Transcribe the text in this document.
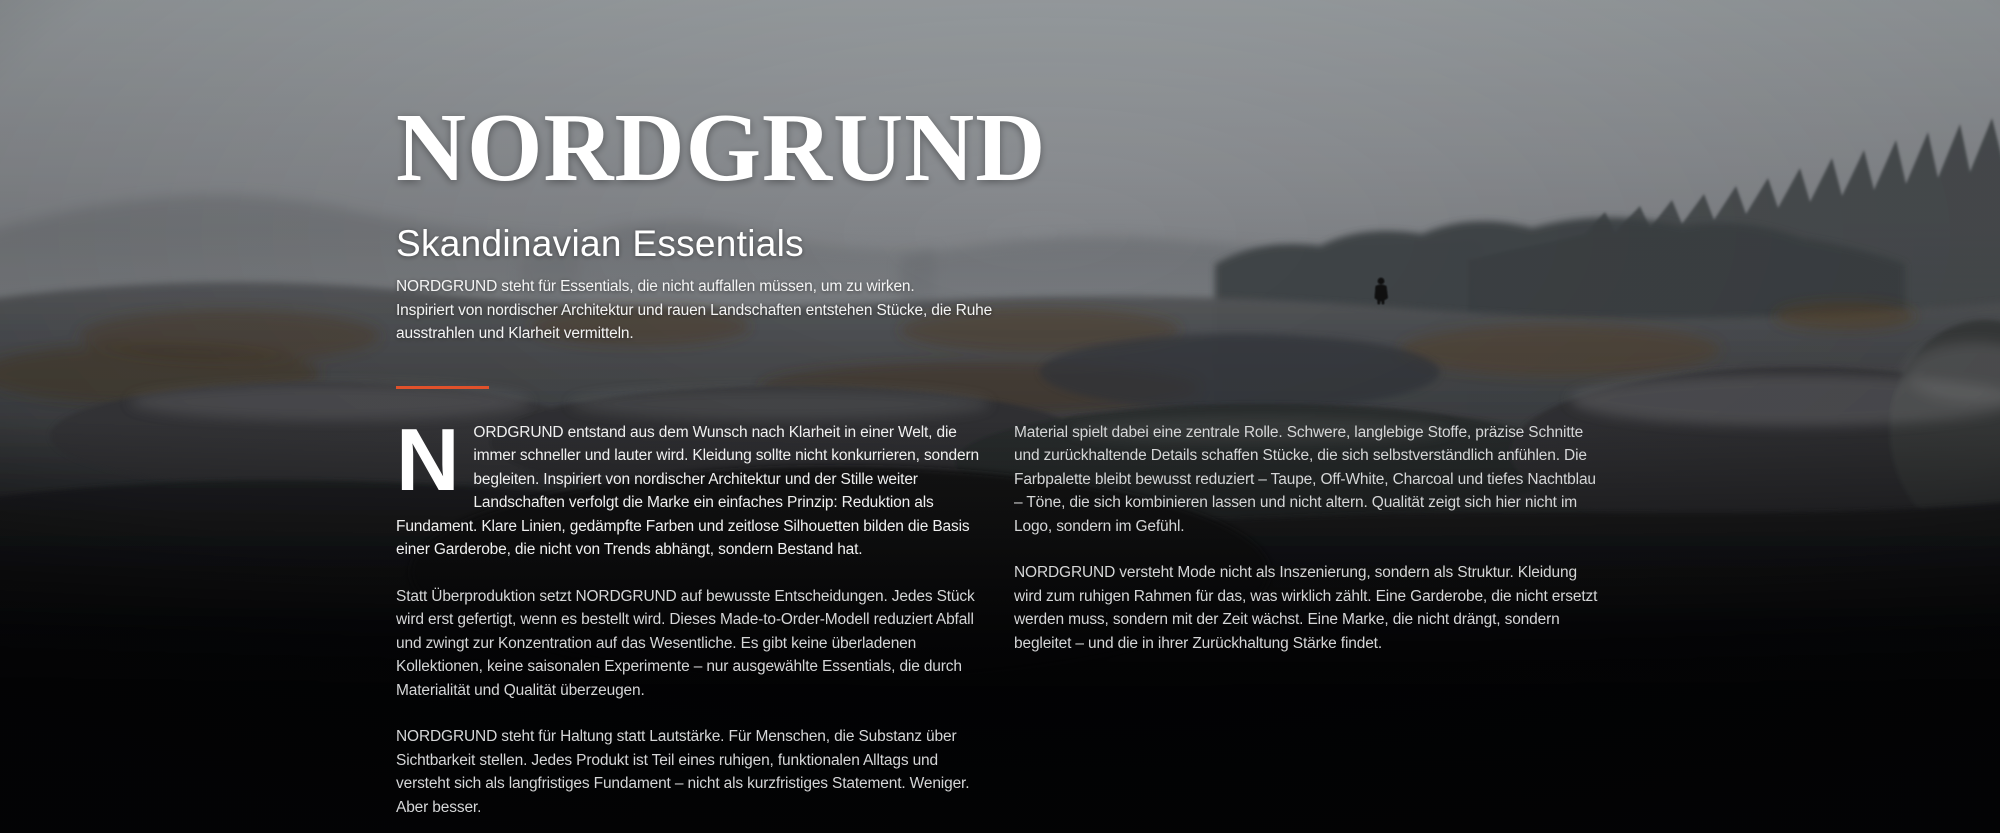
NORDGRUND
Skandinavian Essentials

NORDGRUND steht für Essentials, die nicht auffallen müssen, um zu wirken.
Inspiriert von nordischer Architektur und rauen Landschaften entstehen Stücke, die Ruhe ausstrahlen und Klarheit vermitteln.

NORDGRUND entstand aus dem Wunsch nach Klarheit in einer Welt, die immer schneller und lauter wird. Kleidung sollte nicht konkurrieren, sondern begleiten. Inspiriert von nordischer Architektur und der Stille weiter Landschaften verfolgt die Marke ein einfaches Prinzip: Reduktion als Fundament. Klare Linien, gedämpfte Farben und zeitlose Silhouetten bilden die Basis einer Garderobe, die nicht von Trends abhängt, sondern Bestand hat.

Statt Überproduktion setzt NORDGRUND auf bewusste Entscheidungen. Jedes Stück wird erst gefertigt, wenn es bestellt wird. Dieses Made-to-Order-Modell reduziert Abfall und zwingt zur Konzentration auf das Wesentliche. Es gibt keine überladenen Kollektionen, keine saisonalen Experimente – nur ausgewählte Essentials, die durch Materialität und Qualität überzeugen.

NORDGRUND steht für Haltung statt Lautstärke. Für Menschen, die Substanz über Sichtbarkeit stellen. Jedes Produkt ist Teil eines ruhigen, funktionalen Alltags und versteht sich als langfristiges Fundament – nicht als kurzfristiges Statement. Weniger. Aber besser.

Material spielt dabei eine zentrale Rolle. Schwere, langlebige Stoffe, präzise Schnitte und zurückhaltende Details schaffen Stücke, die sich selbstverständlich anfühlen. Die Farbpalette bleibt bewusst reduziert – Taupe, Off-White, Charcoal und tiefes Nachtblau – Töne, die sich kombinieren lassen und nicht altern. Qualität zeigt sich hier nicht im Logo, sondern im Gefühl.

NORDGRUND versteht Mode nicht als Inszenierung, sondern als Struktur. Kleidung wird zum ruhigen Rahmen für das, was wirklich zählt. Eine Garderobe, die nicht ersetzt werden muss, sondern mit der Zeit wächst. Eine Marke, die nicht drängt, sondern begleitet – und die in ihrer Zurückhaltung Stärke findet.
